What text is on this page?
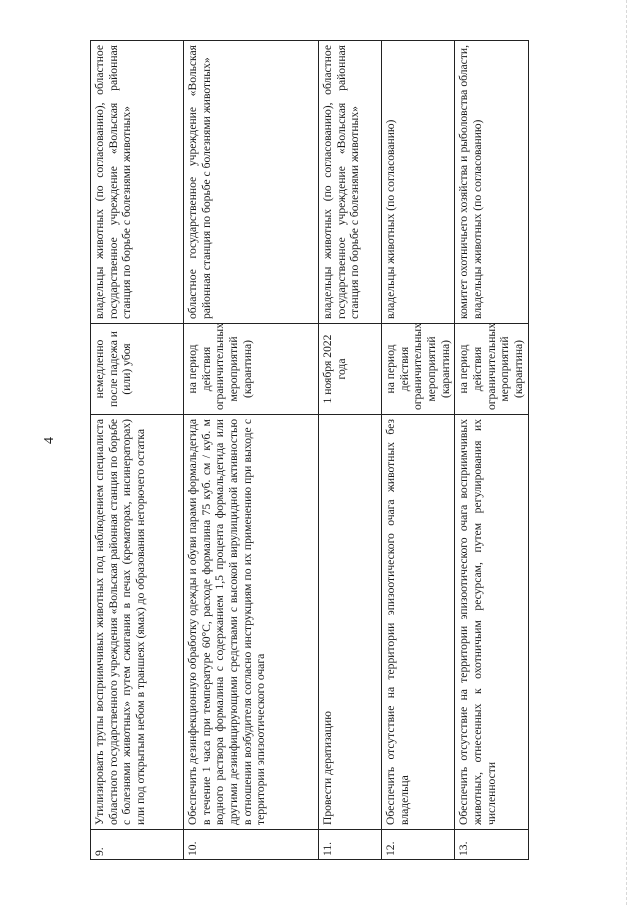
4
9.	Утилизировать трупы восприимчивых животных под наблюдением специалиста областного государственного учреждения «Вольская районная станция по борьбе с болезнями животных» путем сжигания в печах (крематорах, инсинераторах) или под открытым небом в траншеях (ямах) до образования негорючего остатка	немедленно после падежа и (или) убоя	владельцы животных (по согласованию), областное государственное учреждение «Вольская районная станция по борьбе с болезнями животных»
10.	Обеспечить дезинфекционную обработку одежды и обуви парами формальдегида в течение 1 часа при температуре 60°С, расходе формалина 75 куб. см / куб. м водного раствора формалина с содержанием 1,5 процента формальдегида или другими дезинфицирующими средствами с высокой вирулицидной активностью в отношении возбудителя согласно инструкциям по их применению при выходе с территории эпизоотического очага	на период действия ограничительных мероприятий (карантина)	областное государственное учреждение «Вольская районная станция по борьбе с болезнями животных»
11.	Провести дератизацию	1 ноября 2022 года	владельцы животных (по согласованию), областное государственное учреждение «Вольская районная станция по борьбе с болезнями животных»
12.	Обеспечить отсутствие на территории эпизоотического очага животных без владельца	на период действия ограничительных мероприятий (карантина)	владельцы животных (по согласованию)
13.	Обеспечить отсутствие на территории эпизоотического очага восприимчивых животных, отнесенных к охотничьим ресурсам, путем регулирования их численности	на период действия ограничительных мероприятий (карантина)	комитет охотничьего хозяйства и рыболовства области, владельцы животных (по согласованию)
